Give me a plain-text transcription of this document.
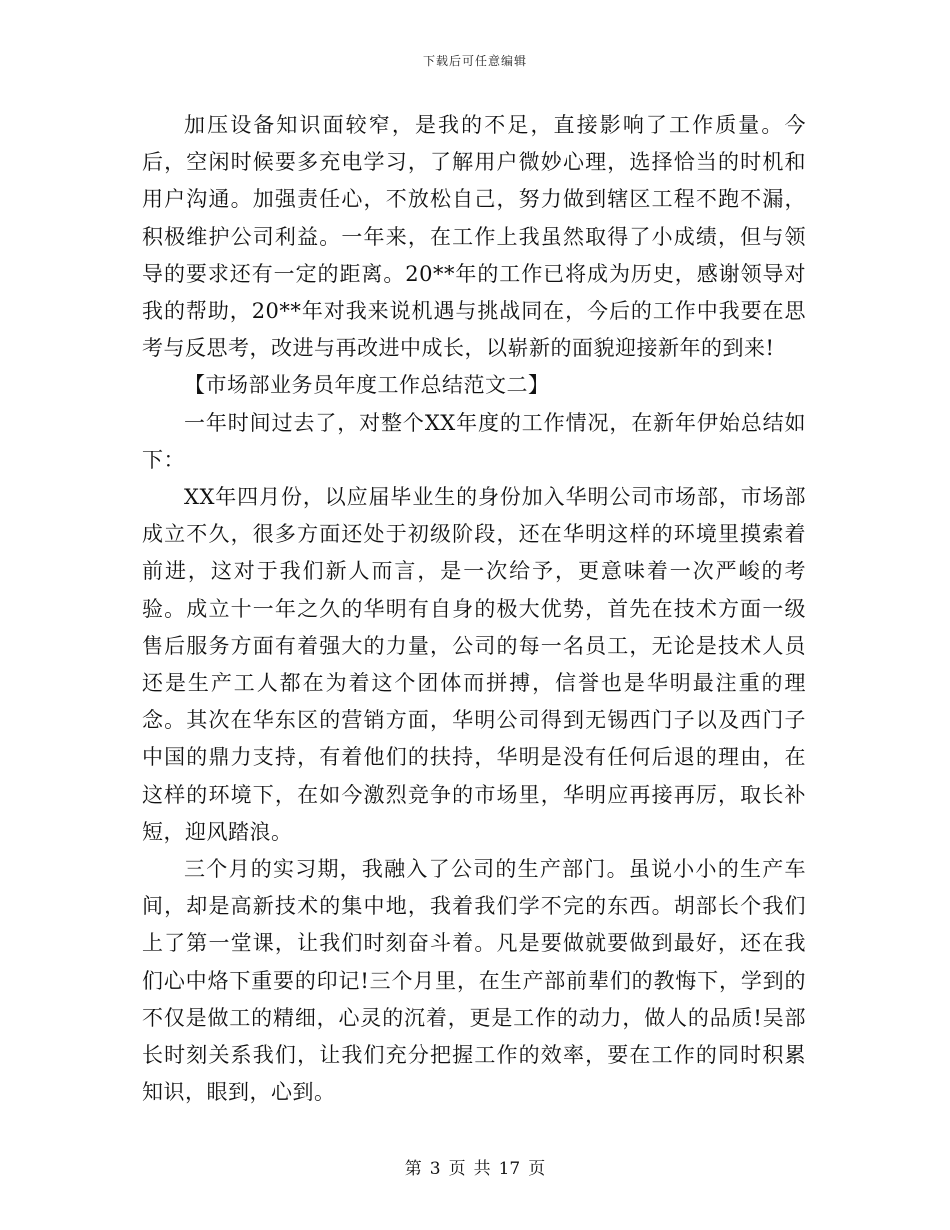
下载后可任意编辑

加压设备知识面较窄，是我的不足，直接影响了工作质量。今后，空闲时候要多充电学习，了解用户微妙心理，选择恰当的时机和用户沟通。加强责任心，不放松自己，努力做到辖区工程不跑不漏，积极维护公司利益。一年来，在工作上我虽然取得了小成绩，但与领导的要求还有一定的距离。20**年的工作已将成为历史，感谢领导对我的帮助，20**年对我来说机遇与挑战同在，今后的工作中我要在思考与反思考，改进与再改进中成长，以崭新的面貌迎接新年的到来!

【市场部业务员年度工作总结范文二】

一年时间过去了，对整个XX年度的工作情况，在新年伊始总结如下：

XX年四月份，以应届毕业生的身份加入华明公司市场部，市场部成立不久，很多方面还处于初级阶段，还在华明这样的环境里摸索着前进，这对于我们新人而言，是一次给予，更意味着一次严峻的考验。成立十一年之久的华明有自身的极大优势，首先在技术方面一级售后服务方面有着强大的力量，公司的每一名员工，无论是技术人员还是生产工人都在为着这个团体而拼搏，信誉也是华明最注重的理念。其次在华东区的营销方面，华明公司得到无锡西门子以及西门子中国的鼎力支持，有着他们的扶持，华明是没有任何后退的理由，在这样的环境下，在如今激烈竞争的市场里，华明应再接再厉，取长补短，迎风踏浪。

三个月的实习期，我融入了公司的生产部门。虽说小小的生产车间，却是高新技术的集中地，我着我们学不完的东西。胡部长个我们上了第一堂课，让我们时刻奋斗着。凡是要做就要做到最好，还在我们心中烙下重要的印记!三个月里，在生产部前辈们的教悔下，学到的不仅是做工的精细，心灵的沉着，更是工作的动力，做人的品质!吴部长时刻关系我们，让我们充分把握工作的效率，要在工作的同时积累知识，眼到，心到。

第 3 页 共 17 页
